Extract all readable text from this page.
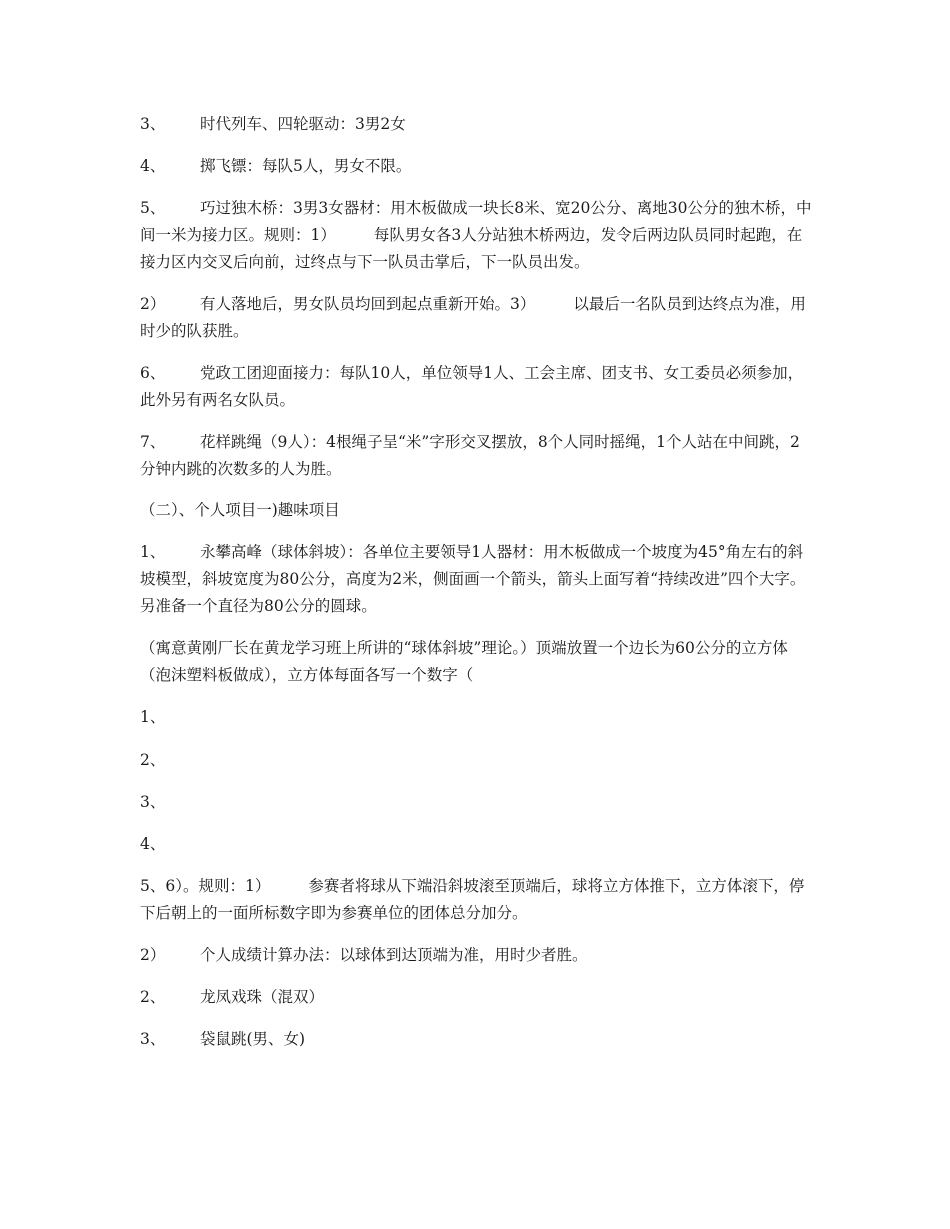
3、 时代列车、四轮驱动：3男2女

4、 掷飞镖：每队5人，男女不限。

5、 巧过独木桥：3男3女器材：用木板做成一块长8米、宽20公分、离地30公分的独木桥，中间一米为接力区。规则：1） 每队男女各3人分站独木桥两边，发令后两边队员同时起跑，在接力区内交叉后向前，过终点与下一队员击掌后，下一队员出发。

2） 有人落地后，男女队员均回到起点重新开始。3） 以最后一名队员到达终点为准，用时少的队获胜。

6、 党政工团迎面接力：每队10人，单位领导1人、工会主席、团支书、女工委员必须参加，此外另有两名女队员。

7、 花样跳绳（9人）：4根绳子呈“米”字形交叉摆放，8个人同时摇绳，1个人站在中间跳，2分钟内跳的次数多的人为胜。

（二）、个人项目一)趣味项目

1、 永攀高峰（球体斜坡）：各单位主要领导1人器材：用木板做成一个坡度为45°角左右的斜坡模型，斜坡宽度为80公分，高度为2米，侧面画一个箭头，箭头上面写着“持续改进”四个大字。另准备一个直径为80公分的圆球。

（寓意黄刚厂长在黄龙学习班上所讲的“球体斜坡”理论。）顶端放置一个边长为60公分的立方体（泡沫塑料板做成），立方体每面各写一个数字（

1、

2、

3、

4、

5、6）。规则：1） 参赛者将球从下端沿斜坡滚至顶端后，球将立方体推下，立方体滚下，停下后朝上的一面所标数字即为参赛单位的团体总分加分。

2） 个人成绩计算办法：以球体到达顶端为准，用时少者胜。

2、 龙凤戏珠（混双）

3、 袋鼠跳(男、女)
